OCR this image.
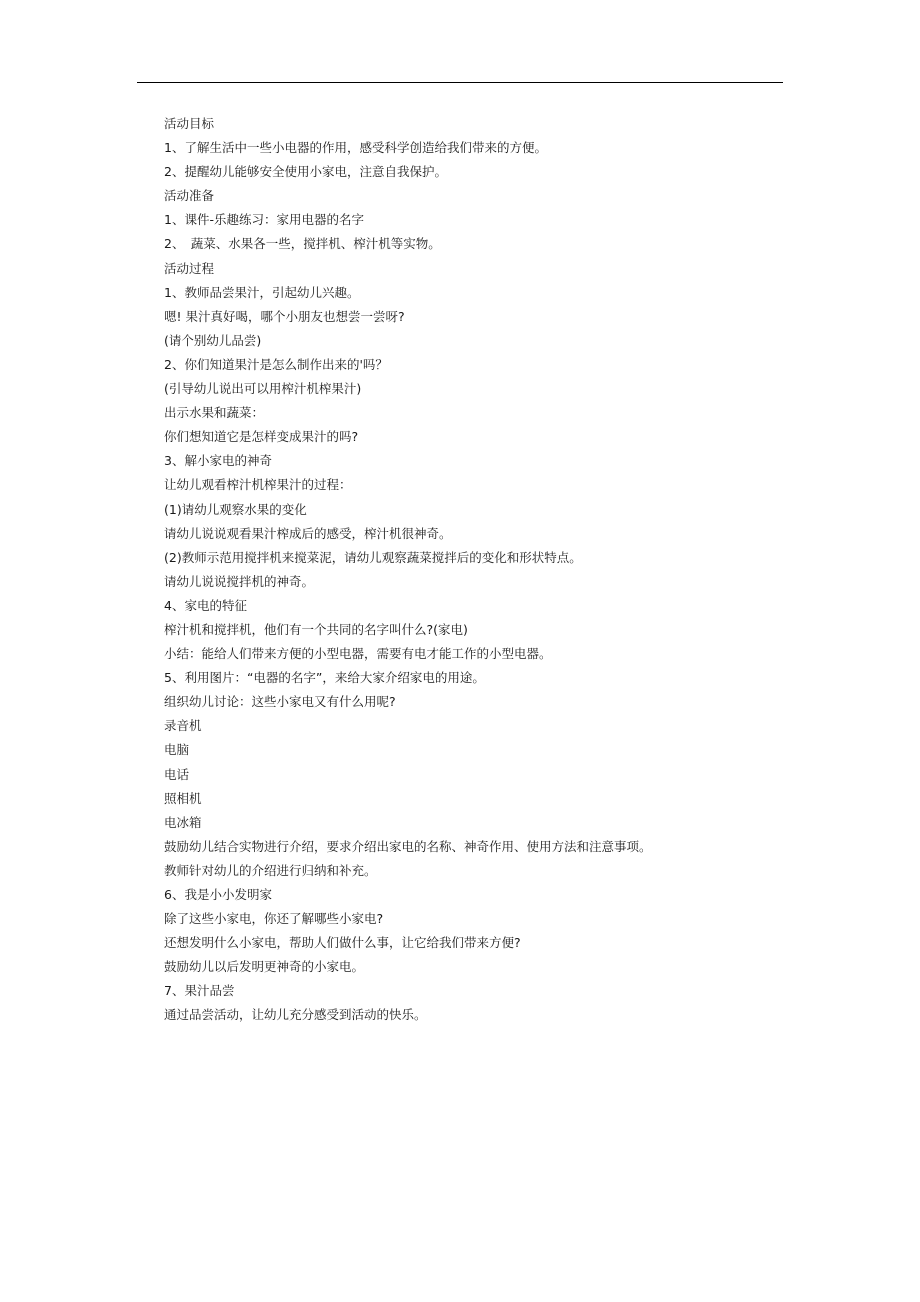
活动目标
1、了解生活中一些小电器的作用，感受科学创造给我们带来的方便。
2、提醒幼儿能够安全使用小家电，注意自我保护。
活动准备
1、课件-乐趣练习：家用电器的名字
2、　蔬菜、水果各一些，搅拌机、榨汁机等实物。
活动过程
1、教师品尝果汁，引起幼儿兴趣。
嗯! 果汁真好喝，哪个小朋友也想尝一尝呀?
(请个别幼儿品尝)
2、你们知道果汁是怎么制作出来的'吗？
(引导幼儿说出可以用榨汁机榨果汁)
出示水果和蔬菜：
你们想知道它是怎样变成果汁的吗?
3、解小家电的神奇
让幼儿观看榨汁机榨果汁的过程：
(1)请幼儿观察水果的变化
请幼儿说说观看果汁榨成后的感受，榨汁机很神奇。
(2)教师示范用搅拌机来搅菜泥，请幼儿观察蔬菜搅拌后的变化和形状特点。
请幼儿说说搅拌机的神奇。
4、家电的特征
榨汁机和搅拌机，他们有一个共同的名字叫什么?(家电)
小结：能给人们带来方便的小型电器，需要有电才能工作的小型电器。
5、利用图片：“电器的名字”，来给大家介绍家电的用途。
组织幼儿讨论：这些小家电又有什么用呢?
录音机
电脑
电话
照相机
电冰箱
鼓励幼儿结合实物进行介绍，要求介绍出家电的名称、神奇作用、使用方法和注意事项。
教师针对幼儿的介绍进行归纳和补充。
6、我是小小发明家
除了这些小家电，你还了解哪些小家电?
还想发明什么小家电，帮助人们做什么事，让它给我们带来方便?
鼓励幼儿以后发明更神奇的小家电。
7、果汁品尝
通过品尝活动，让幼儿充分感受到活动的快乐。
